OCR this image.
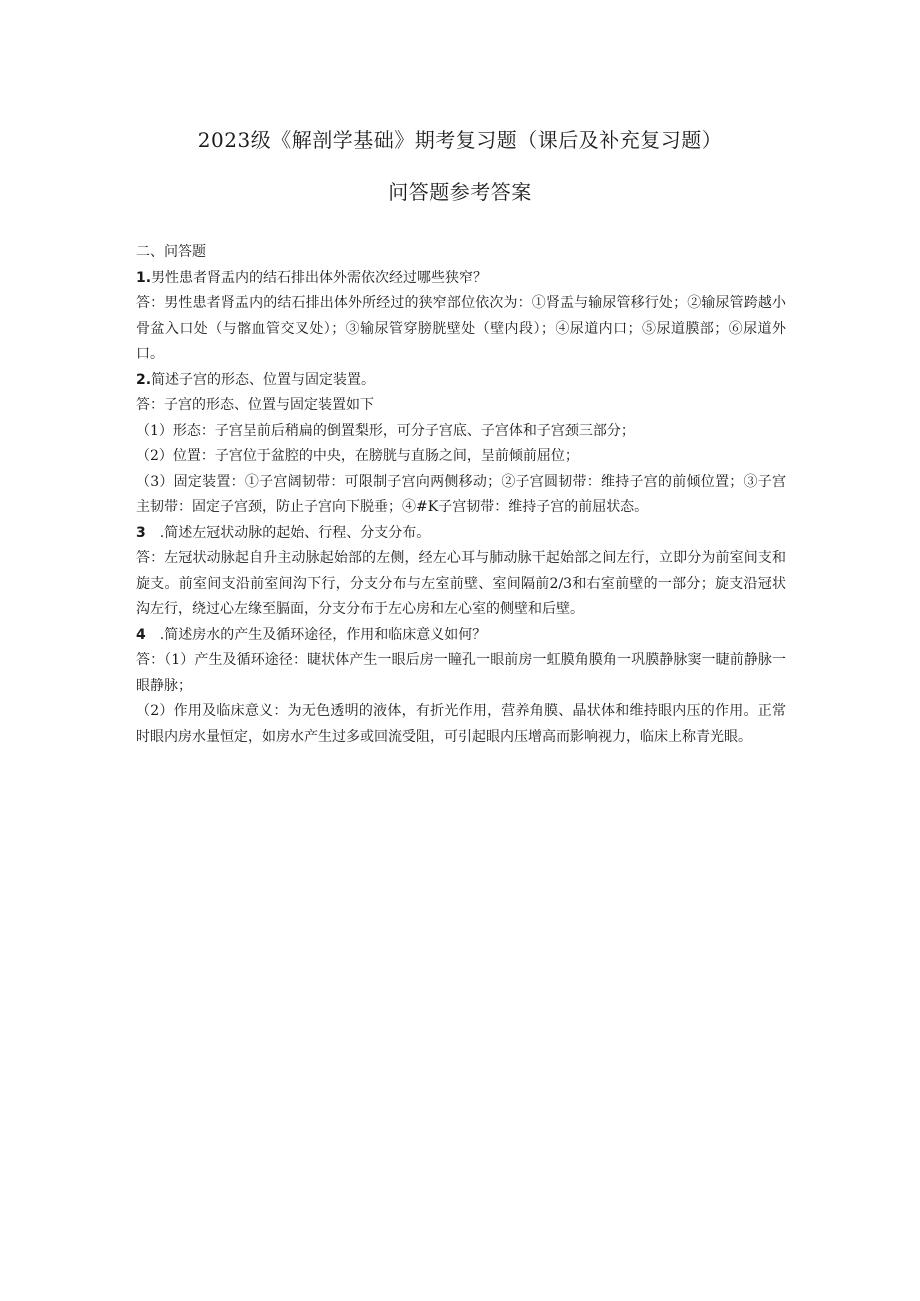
2023级《解剖学基础》期考复习题（课后及补充复习题）
问答题参考答案

二、问答题

1.男性患者肾盂内的结石排出体外需依次经过哪些狭窄？

答：男性患者肾盂内的结石排出体外所经过的狭窄部位依次为：①肾盂与输尿管移行处；②输尿管跨越小骨盆入口处（与髂血管交叉处）；③输尿管穿膀胱壁处（壁内段）；④尿道内口；⑤尿道膜部；⑥尿道外口。

2.简述子宫的形态、位置与固定装置。

答：子宫的形态、位置与固定装置如下

（1）形态：子宫呈前后稍扁的倒置梨形，可分子宫底、子宫体和子宫颈三部分；

（2）位置：子宫位于盆腔的中央，在膀胱与直肠之间，呈前倾前屈位；

（3）固定装置：①子宫阔韧带：可限制子宫向两侧移动；②子宫圆韧带：维持子宫的前倾位置；③子宫主韧带：固定子宫颈，防止子宫向下脱垂；④#K子宫韧带：维持子宫的前屈状态。

3 .简述左冠状动脉的起始、行程、分支分布。

答：左冠状动脉起自升主动脉起始部的左侧，经左心耳与肺动脉干起始部之间左行，立即分为前室间支和旋支。前室间支沿前室间沟下行，分支分布与左室前壁、室间隔前2/3和右室前壁的一部分；旋支沿冠状沟左行，绕过心左缘至膈面，分支分布于左心房和左心室的侧壁和后壁。

4 .简述房水的产生及循环途径，作用和临床意义如何？

答：（1）产生及循环途径：睫状体产生一眼后房一瞳孔一眼前房一虹膜角膜角一巩膜静脉窦一睫前静脉一眼静脉；

（2）作用及临床意义：为无色透明的液体，有折光作用，营养角膜、晶状体和维持眼内压的作用。正常时眼内房水量恒定，如房水产生过多或回流受阻，可引起眼内压增高而影响视力，临床上称青光眼。
